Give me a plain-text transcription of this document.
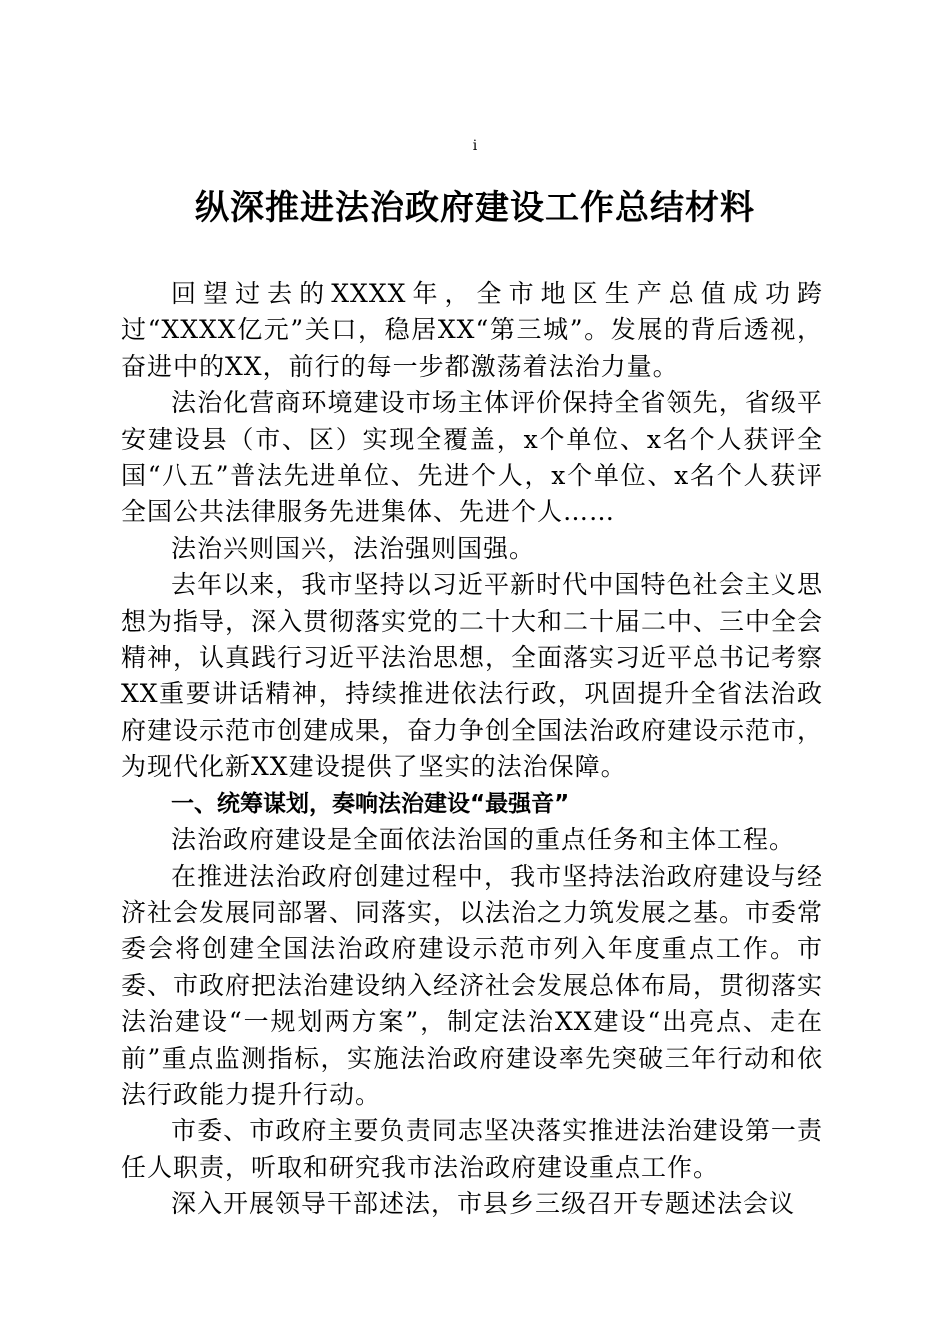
i
纵深推进法治政府建设工作总结材料

回望过去的XXXX年，全市地区生产总值成功跨过“XXXX亿元”关口，稳居XX“第三城”。发展的背后透视，奋进中的XX，前行的每一步都激荡着法治力量。

法治化营商环境建设市场主体评价保持全省领先，省级平安建设县（市、区）实现全覆盖，x个单位、x名个人获评全国“八五”普法先进单位、先进个人，x个单位、x名个人获评全国公共法律服务先进集体、先进个人……

法治兴则国兴，法治强则国强。

去年以来，我市坚持以习近平新时代中国特色社会主义思想为指导，深入贯彻落实党的二十大和二十届二中、三中全会精神，认真践行习近平法治思想，全面落实习近平总书记考察XX重要讲话精神，持续推进依法行政，巩固提升全省法治政府建设示范市创建成果，奋力争创全国法治政府建设示范市，为现代化新XX建设提供了坚实的法治保障。

一、统筹谋划，奏响法治建设“最强音”

法治政府建设是全面依法治国的重点任务和主体工程。

在推进法治政府创建过程中，我市坚持法治政府建设与经济社会发展同部署、同落实，以法治之力筑发展之基。市委常委会将创建全国法治政府建设示范市列入年度重点工作。市委、市政府把法治建设纳入经济社会发展总体布局，贯彻落实法治建设“一规划两方案”，制定法治XX建设“出亮点、走在前”重点监测指标，实施法治政府建设率先突破三年行动和依法行政能力提升行动。

市委、市政府主要负责同志坚决落实推进法治建设第一责任人职责，听取和研究我市法治政府建设重点工作。

深入开展领导干部述法，市县乡三级召开专题述法会议
